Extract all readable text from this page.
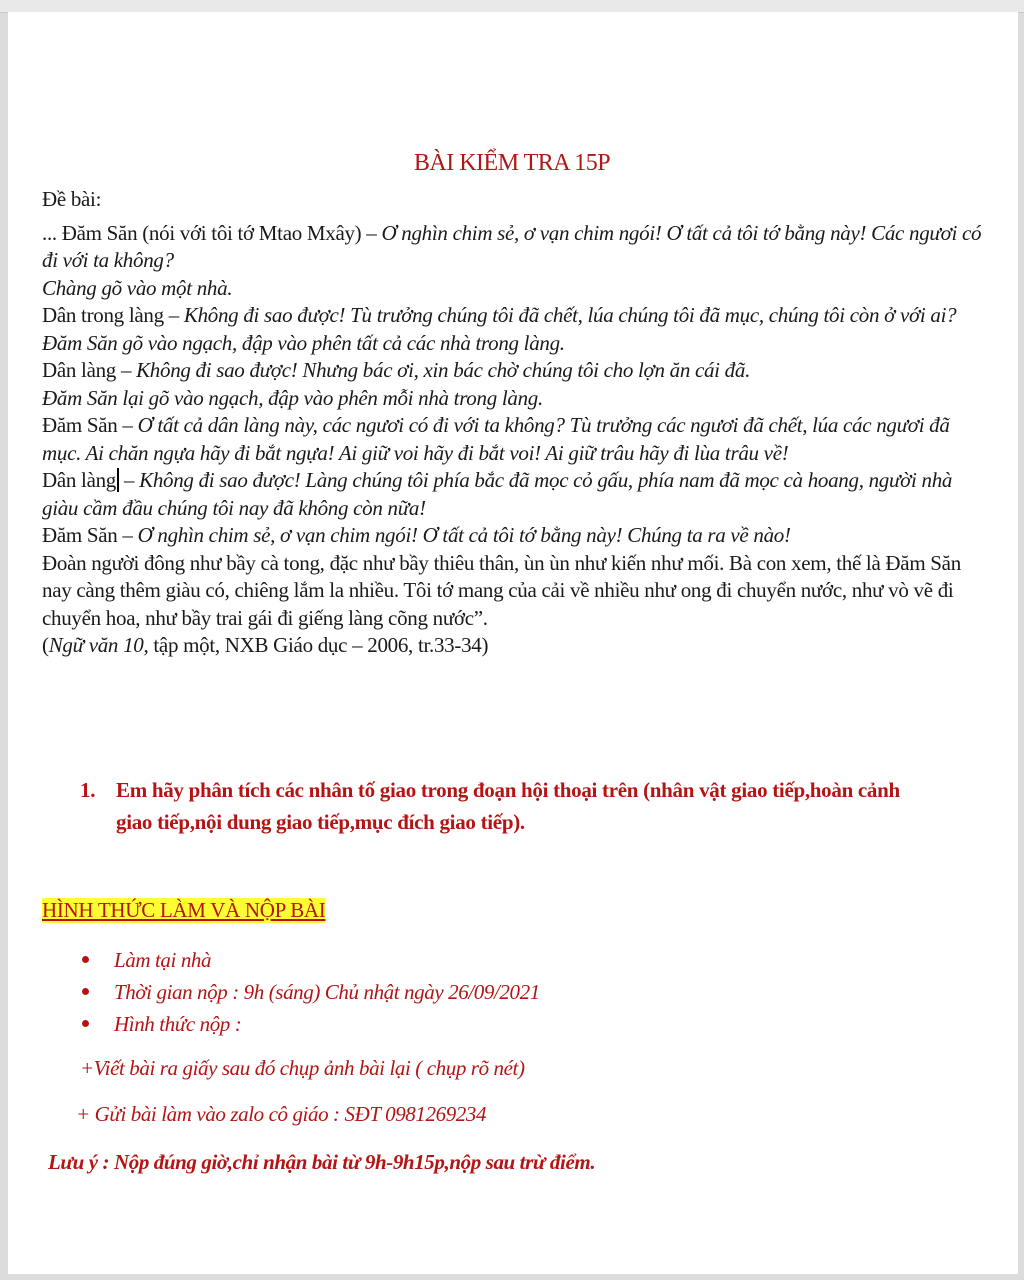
BÀI KIỂM TRA 15P

Đề bài:

... Đăm Săn (nói với tôi tớ Mtao Mxây) – Ơ nghìn chim sẻ, ơ vạn chim ngói! Ơ tất cả tôi tớ bằng này! Các ngươi có đi với ta không?

Chàng gõ vào một nhà.

Dân trong làng – Không đi sao được! Tù trưởng chúng tôi đã chết, lúa chúng tôi đã mục, chúng tôi còn ở với ai?

Đăm Săn gõ vào ngạch, đập vào phên tất cả các nhà trong làng.

Dân làng – Không đi sao được! Nhưng bác ơi, xin bác chờ chúng tôi cho lợn ăn cái đã.

Đăm Săn lại gõ vào ngạch, đập vào phên mỗi nhà trong làng.

Đăm Săn – Ơ tất cả dân làng này, các ngươi có đi với ta không? Tù trưởng các ngươi đã chết, lúa các ngươi đã mục. Ai chăn ngựa hãy đi bắt ngựa! Ai giữ voi hãy đi bắt voi! Ai giữ trâu hãy đi lùa trâu về!

Dân làng – Không đi sao được! Làng chúng tôi phía bắc đã mọc cỏ gấu, phía nam đã mọc cà hoang, người nhà giàu cầm đầu chúng tôi nay đã không còn nữa!

Đăm Săn – Ơ nghìn chim sẻ, ơ vạn chim ngói! Ơ tất cả tôi tớ bằng này! Chúng ta ra về nào!

Đoàn người đông như bầy cà tong, đặc như bầy thiêu thân, ùn ùn như kiến như mối. Bà con xem, thế là Đăm Săn nay càng thêm giàu có, chiêng lắm la nhiều. Tôi tớ mang của cải về nhiều như ong đi chuyển nước, như vò vẽ đi chuyển hoa, như bầy trai gái đi giếng làng cõng nước”.

(Ngữ văn 10, tập một, NXB Giáo dục – 2006, tr.33-34)

1. Em hãy phân tích các nhân tố giao trong đoạn hội thoại trên (nhân vật giao tiếp,hoàn cảnh giao tiếp,nội dung giao tiếp,mục đích giao tiếp).
HÌNH THỨC LÀM VÀ NỘP BÀI
Làm tại nhà
Thời gian nộp : 9h (sáng) Chủ nhật ngày 26/09/2021
Hình thức nộp :
+Viết bài ra giấy sau đó chụp ảnh bài lại ( chụp rõ nét)
+ Gửi bài làm vào zalo cô giáo : SĐT 0981269234
Lưu ý : Nộp đúng giờ,chỉ nhận bài từ 9h-9h15p,nộp sau trừ điểm.
